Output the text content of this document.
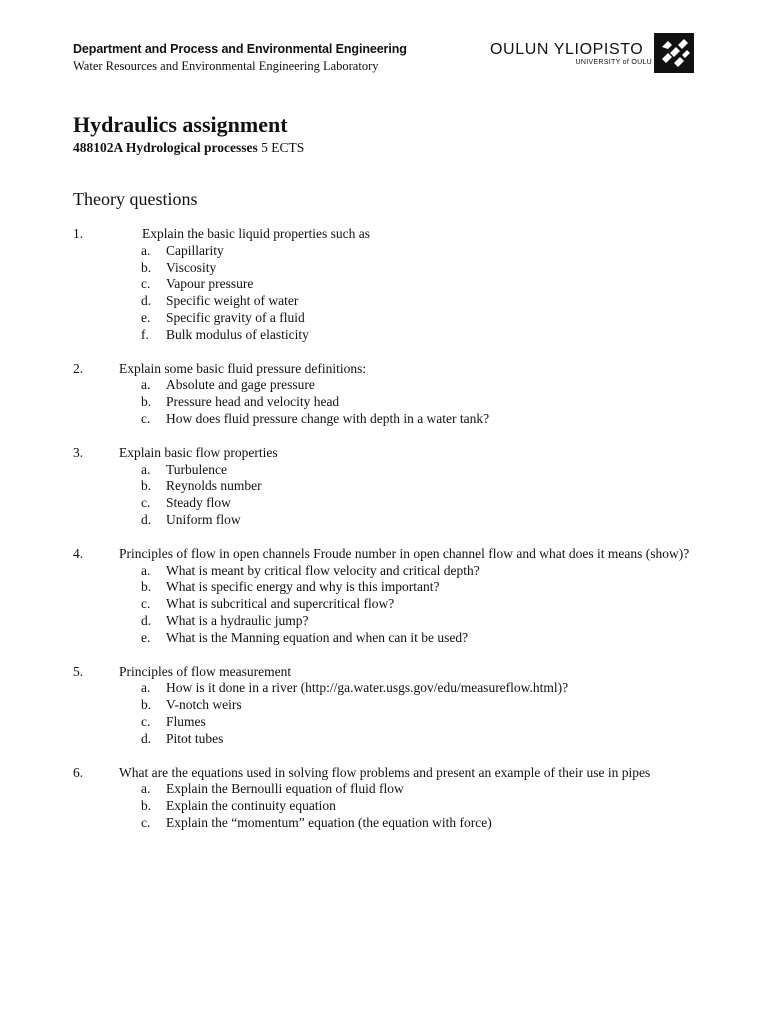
Department and Process and Environmental Engineering
Water Resources and Environmental Engineering Laboratory
OULUN YLIOPISTO
UNIVERSITY of OULU
Hydraulics assignment
488102A Hydrological processes 5 ECTS
Theory questions
1.	Explain the basic liquid properties such as
a. Capillarity
b. Viscosity
c. Vapour pressure
d. Specific weight of water
e. Specific gravity of a fluid
f. Bulk modulus of elasticity
2.	Explain some basic fluid pressure definitions:
a. Absolute and gage pressure
b. Pressure head and velocity head
c. How does fluid pressure change with depth in a water tank?
3.	Explain basic flow properties
a. Turbulence
b. Reynolds number
c. Steady flow
d. Uniform flow
4.	Principles of flow in open channels Froude number in open channel flow and what does it means (show)?
a. What is meant by critical flow velocity and critical depth?
b. What is specific energy and why is this important?
c. What is subcritical and supercritical flow?
d. What is a hydraulic jump?
e. What is the Manning equation and when can it be used?
5.	Principles of flow measurement
a. How is it done in a river (http://ga.water.usgs.gov/edu/measureflow.html)?
b. V-notch weirs
c. Flumes
d. Pitot tubes
6.	What are the equations used in solving flow problems and present an example of their use in pipes
a. Explain the Bernoulli equation of fluid flow
b. Explain the continuity equation
c. Explain the “momentum” equation (the equation with force)
